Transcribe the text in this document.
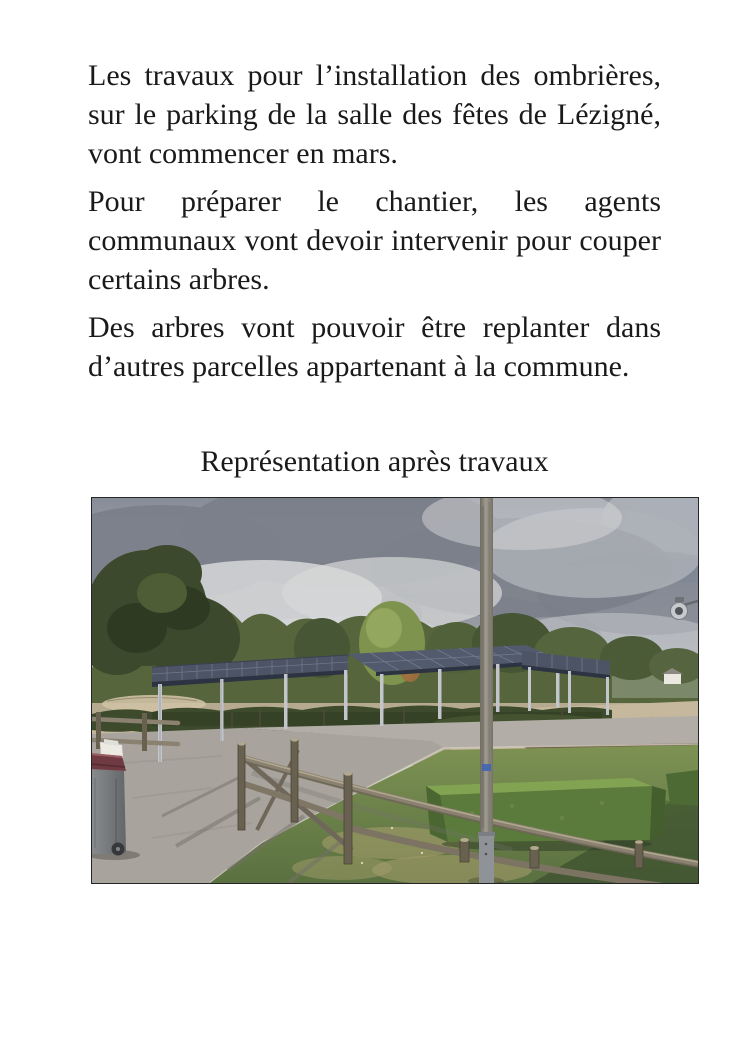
Les travaux pour l’installation des ombrières,
sur le parking de la salle des fêtes de Lézigné,
vont commencer en mars.
Pour préparer le chantier, les agents
communaux vont devoir intervenir pour couper
certains arbres.
Des arbres vont pouvoir être replanter dans
d’autres parcelles appartenant à la commune.
Représentation après travaux
